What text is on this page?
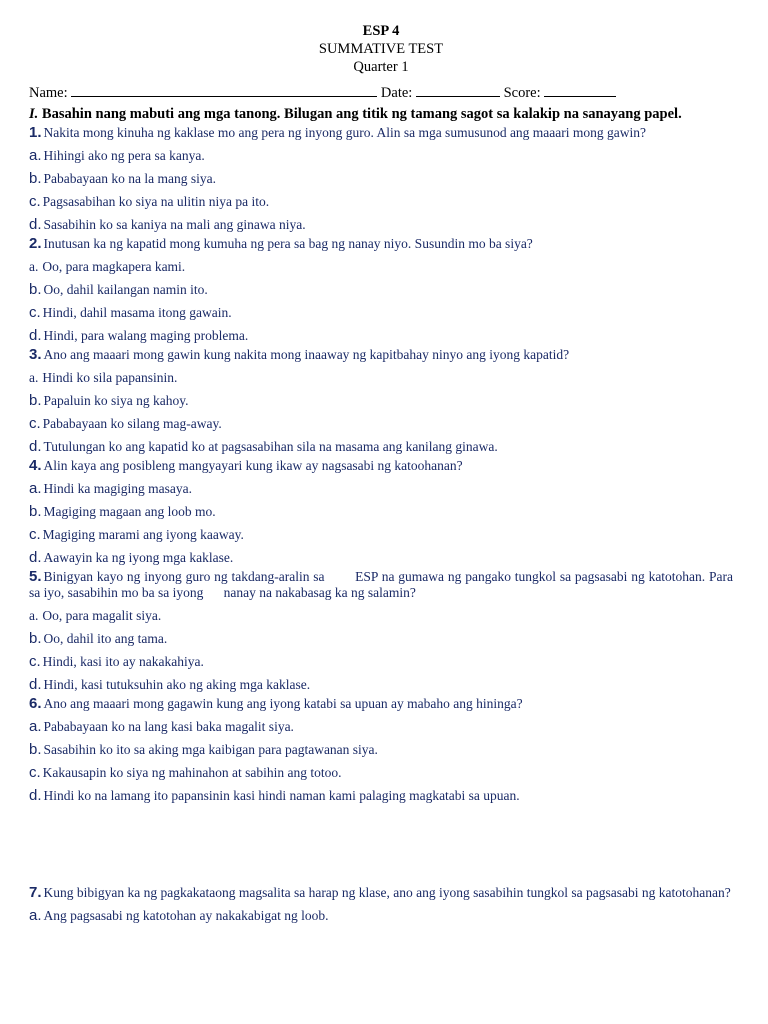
ESP 4
SUMMATIVE TEST
Quarter 1
Name:	Date:	Score:
I. Basahin nang mabuti ang mga tanong. Bilugan ang titik ng tamang sagot sa kalakip na sanayang papel.
1. Nakita mong kinuha ng kaklase mo ang pera ng inyong guro. Alin sa mga sumusunod ang maaari mong gawin?
a. Hihingi ako ng pera sa kanya.
b. Pababayaan ko na la mang siya.
c. Pagsasabihan ko siya na ulitin niya pa ito.
d. Sasabihin ko sa kaniya na mali ang ginawa niya.
2. Inutusan ka ng kapatid mong kumuha ng pera sa bag ng nanay niyo. Susundin mo ba siya?
a. Oo, para magkapera kami.
b. Oo, dahil kailangan namin ito.
c. Hindi, dahil masama itong gawain.
d. Hindi, para walang maging problema.
3. Ano ang maaari mong gawin kung nakita mong inaaway ng kapitbahay ninyo ang iyong kapatid?
a. Hindi ko sila papansinin.
b. Papaluin ko siya ng kahoy.
c. Pababayaan ko silang mag-away.
d. Tutulungan ko ang kapatid ko at pagsasabihan sila na masama ang kanilang ginawa.
4. Alin kaya ang posibleng mangyayari kung ikaw ay nagsasabi ng katoohanan?
a. Hindi ka magiging masaya.
b. Magiging magaan ang loob mo.
c. Magiging marami ang iyong kaaway.
d. Aawayin ka ng iyong mga kaklase.
5. Binigyan kayo ng inyong guro ng takdang-aralin sa        ESP na gumawa ng pangako tungkol sa pagsasabi ng katotohan. Para sa iyo, sasabihin mo ba sa iyong      nanay na nakabasag ka ng salamin?
a. Oo, para magalit siya.
b. Oo, dahil ito ang tama.
c. Hindi, kasi ito ay nakakahiya.
d. Hindi, kasi tutuksuhin ako ng aking mga kaklase.
6. Ano ang maaari mong gagawin kung ang iyong katabi sa upuan ay mabaho ang hininga?
a. Pababayaan ko na lang kasi baka magalit siya.
b. Sasabihin ko ito sa aking mga kaibigan para pagtawanan siya.
c. Kakausapin ko siya ng mahinahon at sabihin ang totoo.
d. Hindi ko na lamang ito papansinin kasi hindi naman kami palaging magkatabi sa upuan.
7. Kung bibigyan ka ng pagkakataong magsalita sa harap ng klase, ano ang iyong sasabihin tungkol sa pagsasabi ng katotohanan?
a. Ang pagsasabi ng katotohan ay nakakabigat ng loob.
